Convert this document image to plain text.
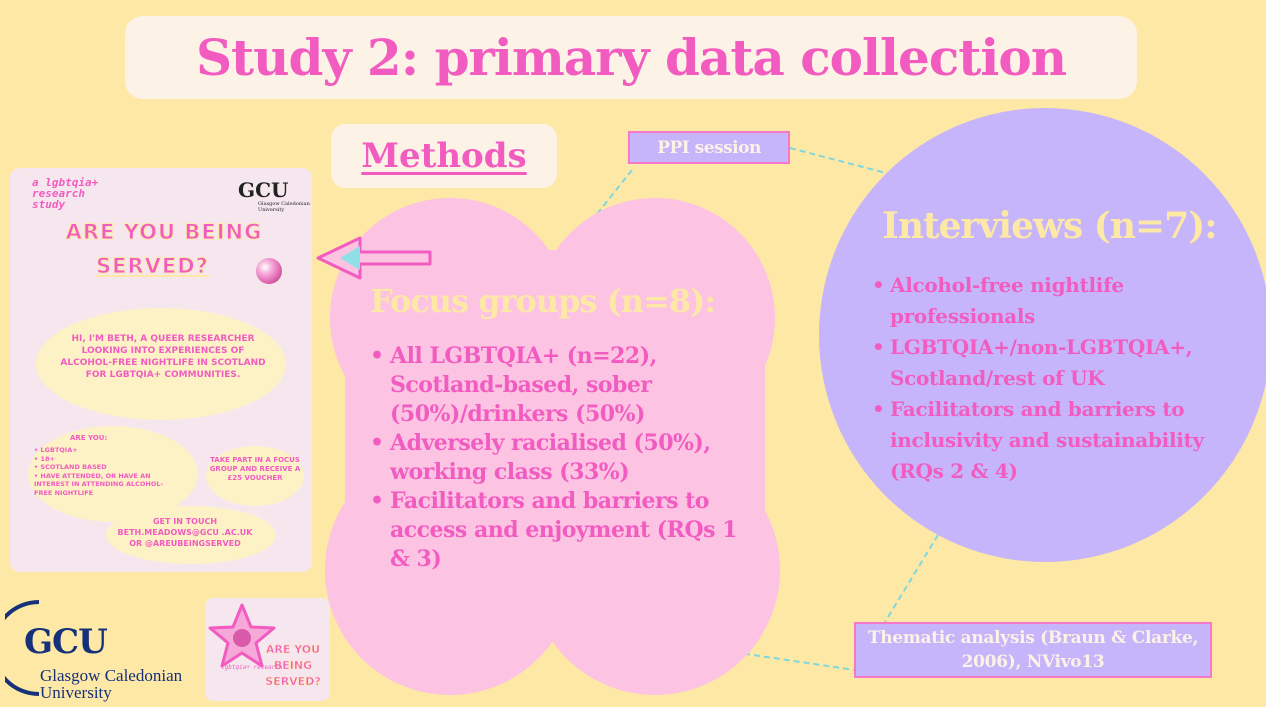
Study 2: primary data collection
Methods	PPI session
Focus groups (n=8):
• All LGBTQIA+ (n=22), Scotland-based, sober (50%)/drinkers (50%)
• Adversely racialised (50%), working class (33%)
• Facilitators and barriers to access and enjoyment (RQs 1 & 3)
Interviews (n=7):
• Alcohol-free nightlife professionals
• LGBTQIA+/non-LGBTQIA+, Scotland/rest of UK
• Facilitators and barriers to inclusivity and sustainability (RQs 2 & 4)
Thematic analysis (Braun & Clarke, 2006), NVivo13
a lgbtqia+ research study
GCU
Glasgow Caledonian University
ARE YOU BEING
SERVED?
HI, I'M BETH, A QUEER RESEARCHER LOOKING INTO EXPERIENCES OF ALCOHOL-FREE NIGHTLIFE IN SCOTLAND FOR LGBTQIA+ COMMUNITIES.
ARE YOU:
• LGBTQIA+
• 18+
• SCOTLAND BASED
• HAVE ATTENDED, OR HAVE AN INTEREST IN ATTENDING ALCOHOL-FREE NIGHTLIFE
TAKE PART IN A FOCUS GROUP AND RECEIVE A £25 VOUCHER
GET IN TOUCH BETH.MEADOWS@GCU .AC.UK OR @AREUBEINGSERVED
GCU
Glasgow Caledonian
University
ARE YOU BEING SERVED?
lgbtqia+ research
